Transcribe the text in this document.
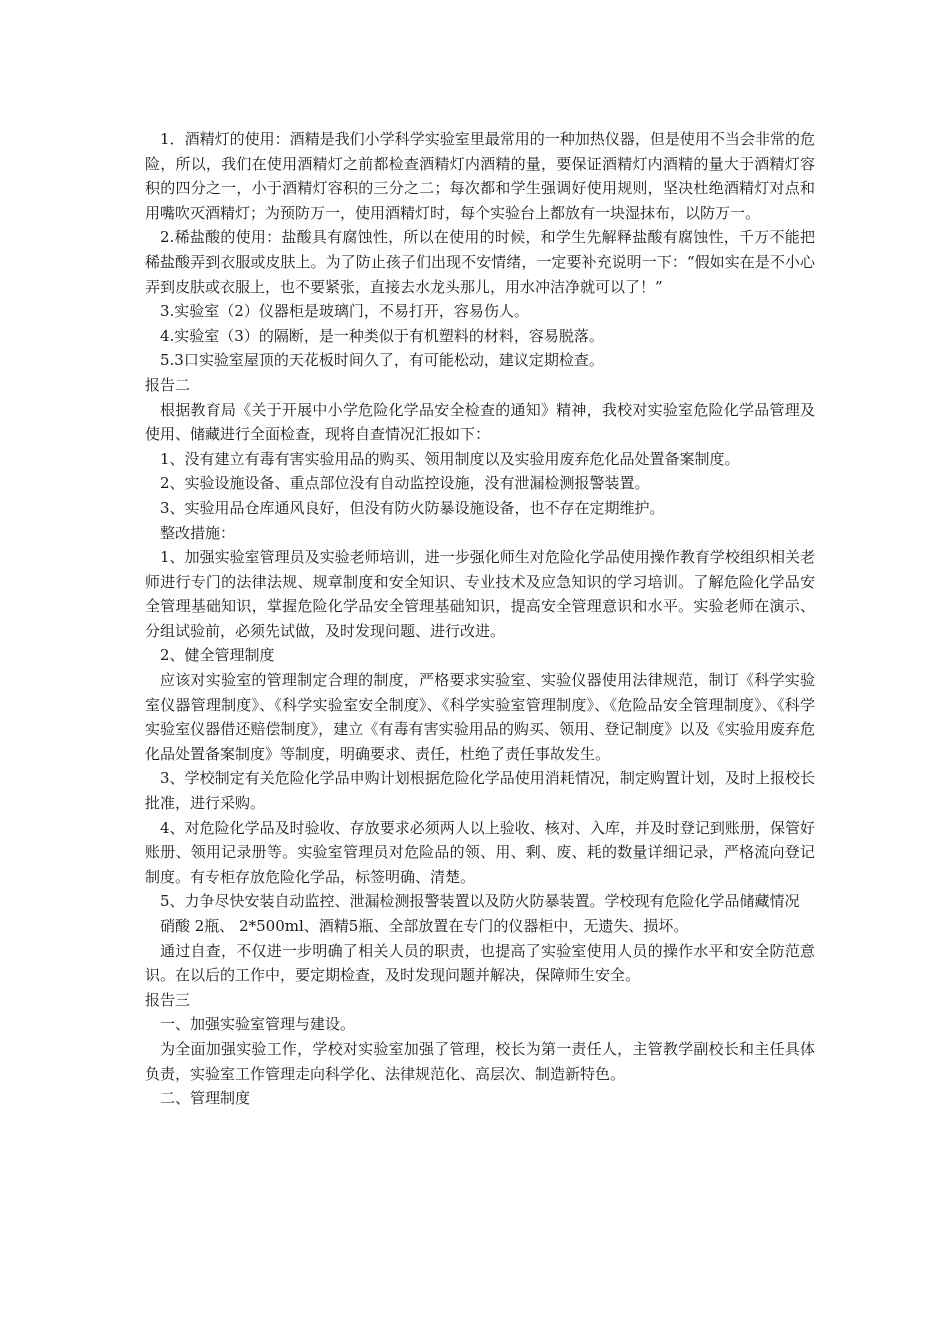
1．酒精灯的使用：酒精是我们小学科学实验室里最常用的一种加热仪器，但是使用不当会非常的危险，所以，我们在使用酒精灯之前都检查酒精灯内酒精的量，要保证酒精灯内酒精的量大于酒精灯容积的四分之一，小于酒精灯容积的三分之二；每次都和学生强调好使用规则，坚决杜绝酒精灯对点和用嘴吹灭酒精灯；为预防万一，使用酒精灯时，每个实验台上都放有一块湿抹布，以防万一。

2.稀盐酸的使用：盐酸具有腐蚀性，所以在使用的时候，和学生先解释盐酸有腐蚀性，千万不能把稀盐酸弄到衣服或皮肤上。为了防止孩子们出现不安情绪，一定要补充说明一下：“假如实在是不小心弄到皮肤或衣服上，也不要紧张，直接去水龙头那儿，用水冲洁净就可以了！”

3.实验室（2）仪器柜是玻璃门，不易打开，容易伤人。

4.实验室（3）的隔断，是一种类似于有机塑料的材料，容易脱落。

5.3口实验室屋顶的天花板时间久了，有可能松动，建议定期检查。

报告二

根据教育局《关于开展中小学危险化学品安全检查的通知》精神，我校对实验室危险化学品管理及使用、储藏进行全面检查，现将自查情况汇报如下：

1、没有建立有毒有害实验用品的购买、领用制度以及实验用废弃危化品处置备案制度。

2、实验设施设备、重点部位没有自动监控设施，没有泄漏检测报警装置。

3、实验用品仓库通风良好，但没有防火防暴设施设备，也不存在定期维护。

整改措施：

1、加强实验室管理员及实验老师培训，进一步强化师生对危险化学品使用操作教育学校组织相关老师进行专门的法律法规、规章制度和安全知识、专业技术及应急知识的学习培训。了解危险化学品安全管理基础知识，掌握危险化学品安全管理基础知识，提高安全管理意识和水平。实验老师在演示、分组试验前，必须先试做，及时发现问题、进行改进。

2、健全管理制度

应该对实验室的管理制定合理的制度，严格要求实验室、实验仪器使用法律规范，制订《科学实验室仪器管理制度》、《科学实验室安全制度》、《科学实验室管理制度》、《危险品安全管理制度》、《科学实验室仪器借还赔偿制度》，建立《有毒有害实验用品的购买、领用、登记制度》以及《实验用废弃危化品处置备案制度》等制度，明确要求、责任，杜绝了责任事故发生。

3、学校制定有关危险化学品申购计划根据危险化学品使用消耗情况，制定购置计划，及时上报校长批准，进行采购。

4、对危险化学品及时验收、存放要求必须两人以上验收、核对、入库，并及时登记到账册，保管好账册、领用记录册等。实验室管理员对危险品的领、用、剩、废、耗的数量详细记录，严格流向登记制度。有专柜存放危险化学品，标签明确、清楚。

5、力争尽快安装自动监控、泄漏检测报警装置以及防火防暴装置。学校现有危险化学品储藏情况

硝酸 2瓶、 2*500ml、酒精5瓶、全部放置在专门的仪器柜中，无遗失、损坏。

通过自查，不仅进一步明确了相关人员的职责，也提高了实验室使用人员的操作水平和安全防范意识。在以后的工作中，要定期检查，及时发现问题并解决，保障师生安全。

报告三

一、加强实验室管理与建设。

为全面加强实验工作，学校对实验室加强了管理，校长为第一责任人，主管教学副校长和主任具体负责，实验室工作管理走向科学化、法律规范化、高层次、制造新特色。

二、管理制度
